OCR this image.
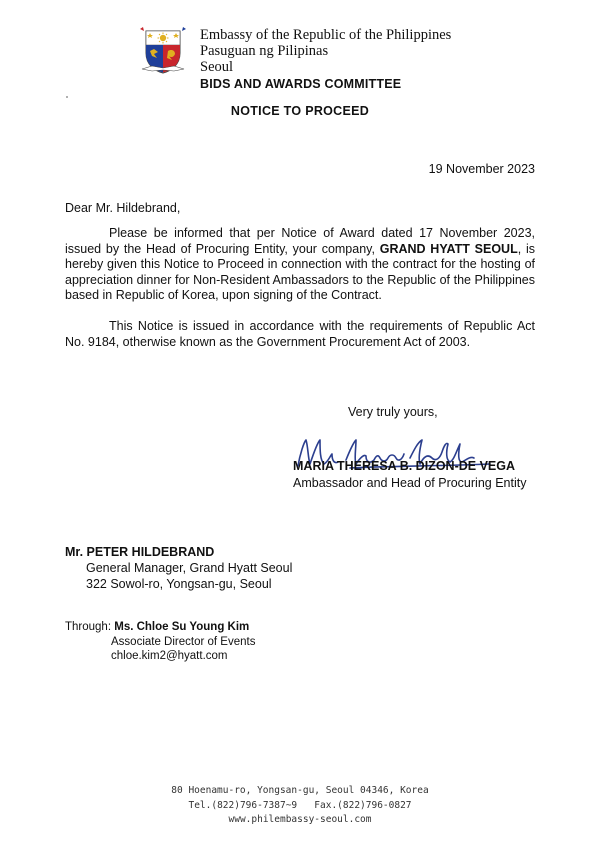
Embassy of the Republic of the Philippines
Pasuguan ng Pilipinas
Seoul
BIDS AND AWARDS COMMITTEE
NOTICE TO PROCEED
19 November 2023
Dear Mr. Hildebrand,

Please be informed that per Notice of Award dated 17 November 2023, issued by the Head of Procuring Entity, your company, GRAND HYATT SEOUL, is hereby given this Notice to Proceed in connection with the contract for the hosting of appreciation dinner for Non-Resident Ambassadors to the Republic of the Philippines based in Republic of Korea, upon signing of the Contract.

This Notice is issued in accordance with the requirements of Republic Act No. 9184, otherwise known as the Government Procurement Act of 2003.

Very truly yours,
MARIA THERESA B. DIZON-DE VEGA
Ambassador and Head of Procuring Entity
Mr. PETER HILDEBRAND
General Manager, Grand Hyatt Seoul
322 Sowol-ro, Yongsan-gu, Seoul
Through: Ms. Chloe Su Young Kim
Associate Director of Events
chloe.kim2@hyatt.com
80 Hoenamu-ro, Yongsan-gu, Seoul 04346, Korea
Tel.(822)796-7387~9   Fax.(822)796-0827
www.philembassy-seoul.com
